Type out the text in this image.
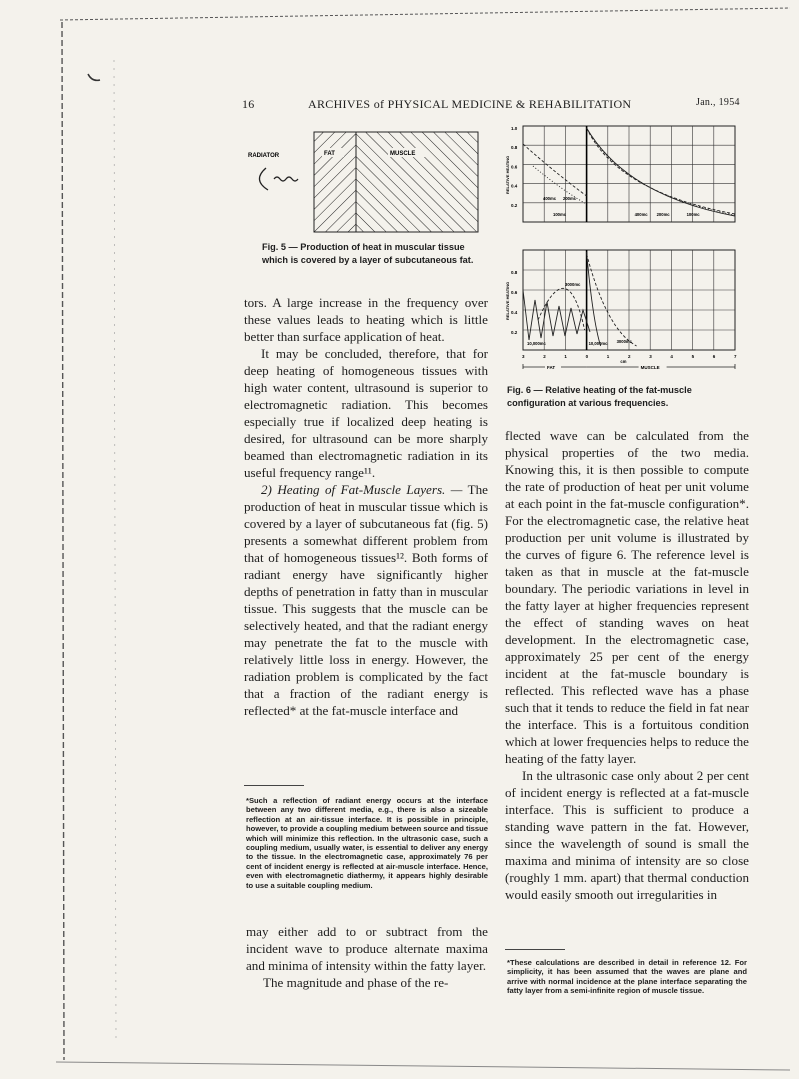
16	ARCHIVES of PHYSICAL MEDICINE & REHABILITATION	Jan., 1954
RADIATOR	FAT	MUSCLE
Fig. 5 — Production of heat in muscular tissue which is covered by a layer of subcutaneous fat.
1.0
0.8
0.6
0.4
0.2
RELATIVE HEATING
0.8
0.6
0.4
0.2
RELATIVE HEATING
400mc 200mc
100mc	400mc 200mc	100mc
3000mc
10,000mc	10,000mc 3000mc
3	2	1	0	1	2	3	4	5	6	7
cm
FAT	MUSCLE
Fig. 6 — Relative heating of the fat-muscle configuration at various frequencies.

tors. A large increase in the frequency over these values leads to heating which is little better than surface application of heat.

It may be concluded, therefore, that for deep heating of homogeneous tissues with high water content, ultrasound is superior to electromagnetic radiation. This becomes especially true if localized deep heating is desired, for ultrasound can be more sharply beamed than electromagnetic radiation in its useful frequency range¹¹.

2) Heating of Fat-Muscle Layers. — The production of heat in muscular tissue which is covered by a layer of subcutaneous fat (fig. 5) presents a somewhat different problem from that of homogeneous tissues¹². Both forms of radiant energy have significantly higher depths of penetration in fatty than in muscular tissue. This suggests that the muscle can be selectively heated, and that the radiant energy may penetrate the fat to the muscle with relatively little loss in energy. However, the radiation problem is complicated by the fact that a fraction of the radiant energy is reflected* at the fat-muscle interface and

*Such a reflection of radiant energy occurs at the interface between any two different media, e.g., there is also a sizeable reflection at an air-tissue interface. It is possible in principle, however, to provide a coupling medium between source and tissue which will minimize this reflection. In the ultrasonic case, such a coupling medium, usually water, is essential to deliver any energy to the tissue. In the electromagnetic case, approximately 76 per cent of incident energy is reflected at air-muscle interface. Hence, even with electromagnetic diathermy, it appears highly desirable to use a suitable coupling medium.

may either add to or subtract from the incident wave to produce alternate maxima and minima of intensity within the fatty layer.

The magnitude and phase of the re-

flected wave can be calculated from the physical properties of the two media. Knowing this, it is then possible to compute the rate of production of heat per unit volume at each point in the fat-muscle configuration*. For the electromagnetic case, the relative heat production per unit volume is illustrated by the curves of figure 6. The reference level is taken as that in muscle at the fat-muscle boundary. The periodic variations in level in the fatty layer at higher frequencies represent the effect of standing waves on heat development. In the electromagnetic case, approximately 25 per cent of the energy incident at the fat-muscle boundary is reflected. This reflected wave has a phase such that it tends to reduce the field in fat near the interface. This is a fortuitous condition which at lower frequencies helps to reduce the heating of the fatty layer.

In the ultrasonic case only about 2 per cent of incident energy is reflected at a fat-muscle interface. This is sufficient to produce a standing wave pattern in the fat. However, since the wavelength of sound is small the maxima and minima of intensity are so close (roughly 1 mm. apart) that thermal conduction would easily smooth out irregularities in

*These calculations are described in detail in reference 12. For simplicity, it has been assumed that the waves are plane and arrive with normal incidence at the plane interface separating the fatty layer from a semi-infinite region of muscle tissue.
